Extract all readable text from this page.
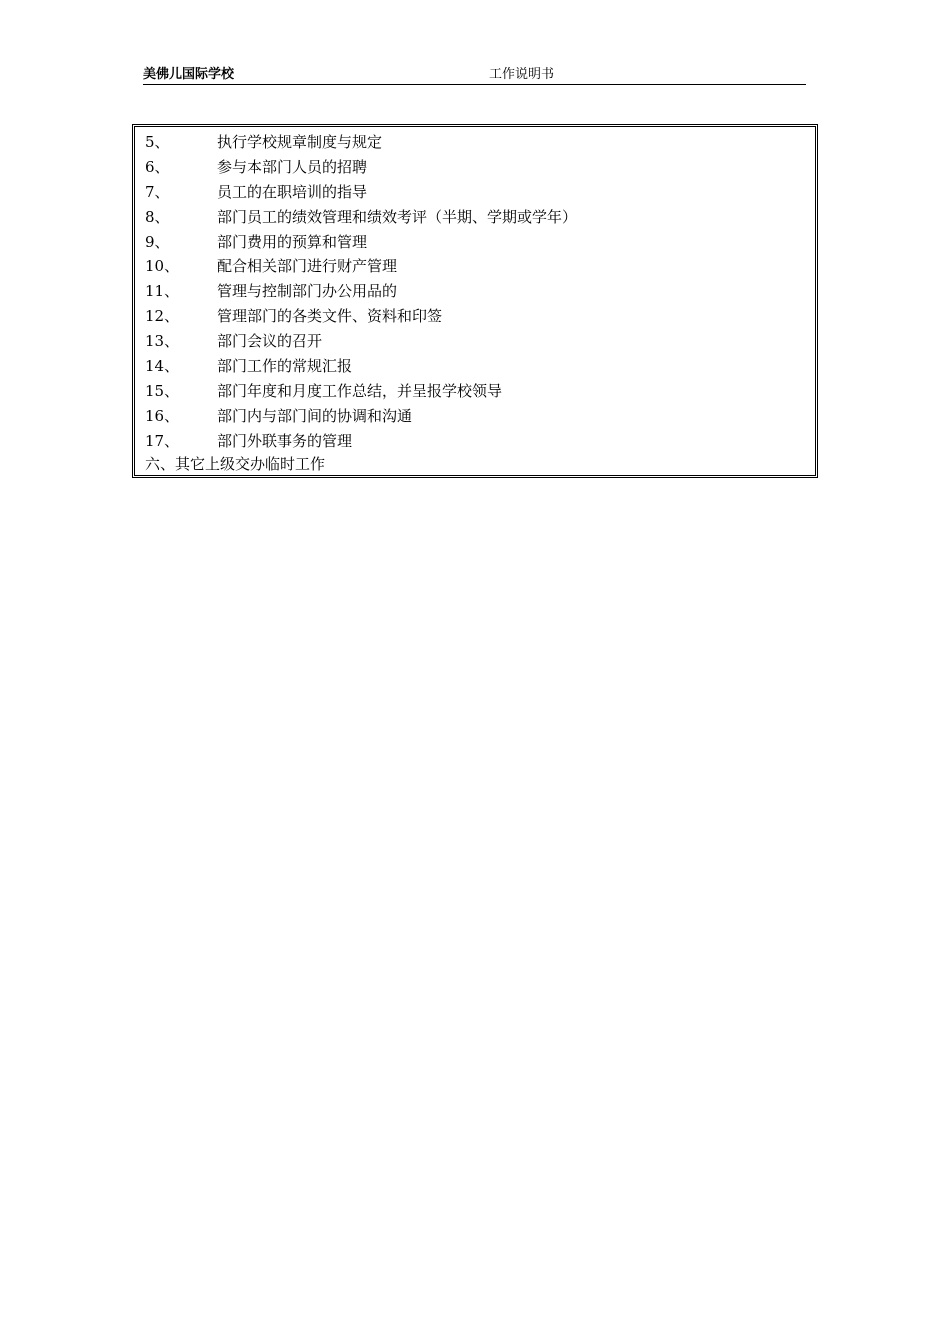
美佛儿国际学校	工作说明书
5、	执行学校规章制度与规定
6、	参与本部门人员的招聘
7、	员工的在职培训的指导
8、	部门员工的绩效管理和绩效考评（半期、学期或学年）
9、	部门费用的预算和管理
10、	配合相关部门进行财产管理
11、	管理与控制部门办公用品的
12、	管理部门的各类文件、资料和印签
13、	部门会议的召开
14、	部门工作的常规汇报
15、	部门年度和月度工作总结，并呈报学校领导
16、	部门内与部门间的协调和沟通
17、	部门外联事务的管理
六、其它上级交办临时工作
